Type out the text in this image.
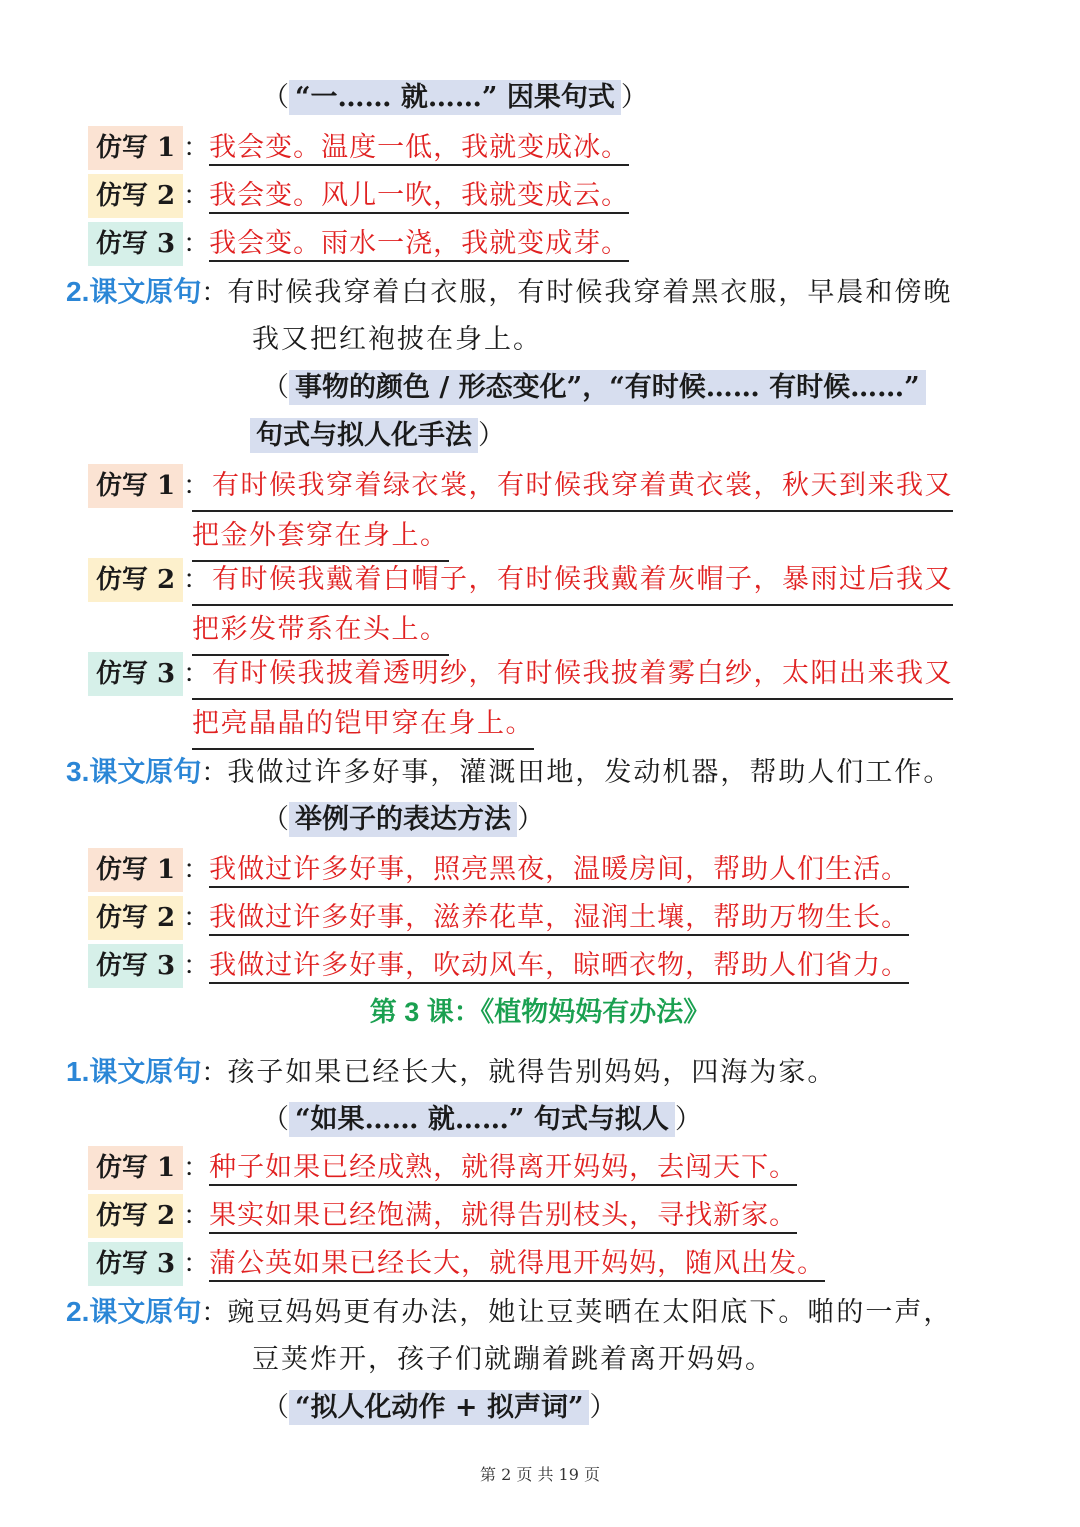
（ “一…… 就……” 因果句式 ）
仿写 1 ：我会变。温度一低，我就变成冰。
仿写 2 ：我会变。风儿一吹，我就变成云。
仿写 3 ：我会变。雨水一浇，我就变成芽。
2.课文原句：有时候我穿着白衣服，有时候我穿着黑衣服，早晨和傍晚
我又把红袍披在身上。
（ 事物的颜色 / 形态变化”，“有时候…… 有时候……”
句式与拟人化手法 ）
仿写 1 ： 有时候我穿着绿衣裳，有时候我穿着黄衣裳，秋天到来我又
把金外套穿在身上。
仿写 2 ： 有时候我戴着白帽子，有时候我戴着灰帽子，暴雨过后我又
把彩发带系在头上。
仿写 3 ： 有时候我披着透明纱，有时候我披着雾白纱，太阳出来我又
把亮晶晶的铠甲穿在身上。
3.课文原句：我做过许多好事，灌溉田地，发动机器，帮助人们工作。
（ 举例子的表达方法 ）
仿写 1 ：我做过许多好事，照亮黑夜，温暖房间，帮助人们生活。
仿写 2 ：我做过许多好事，滋养花草，湿润土壤，帮助万物生长。
仿写 3 ：我做过许多好事，吹动风车，晾晒衣物，帮助人们省力。
第 3 课：《植物妈妈有办法》
1.课文原句：孩子如果已经长大，就得告别妈妈，四海为家。
（ “如果…… 就……” 句式与拟人 ）
仿写 1 ：种子如果已经成熟，就得离开妈妈，去闯天下。
仿写 2 ：果实如果已经饱满，就得告别枝头，寻找新家。
仿写 3 ：蒲公英如果已经长大，就得甩开妈妈，随风出发。
2.课文原句：豌豆妈妈更有办法，她让豆荚晒在太阳底下。啪的一声，
豆荚炸开，孩子们就蹦着跳着离开妈妈。
（ “拟人化动作 + 拟声词” ）
第 2 页 共 19 页
